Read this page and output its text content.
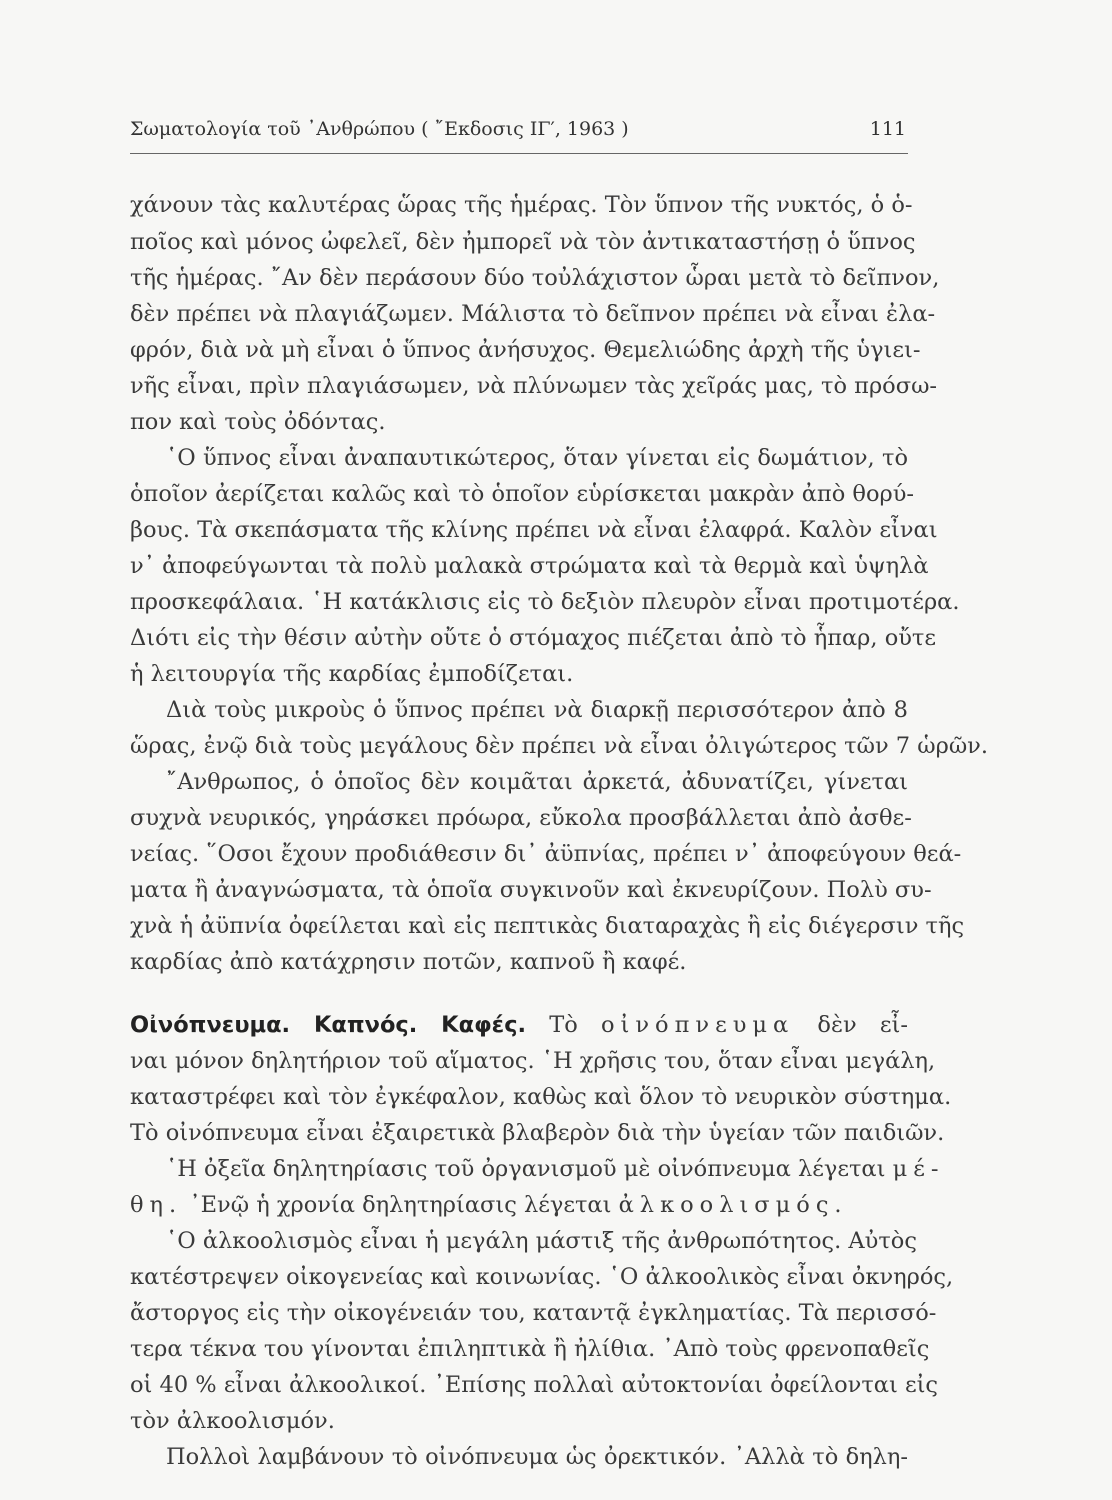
Σωματολογία τοῦ ᾽Ανθρώπου ( ῎Εκδοσις ΙΓ′, 1963 )	111
χάνουν τὰς καλυτέρας ὥρας τῆς ἡμέρας. Τὸν ὕπνον τῆς νυκτός, ὁ ὁ-
ποῖος καὶ μόνος ὠφελεῖ, δὲν ἠμπορεῖ νὰ τὸν ἀντικαταστήσῃ ὁ ὕπνος
τῆς ἡμέρας. ῎Αν δὲν περάσουν δύο τοὐλάχιστον ὧραι μετὰ τὸ δεῖπνον,
δὲν πρέπει νὰ πλαγιάζωμεν. Μάλιστα τὸ δεῖπνον πρέπει νὰ εἶναι ἐλα-
φρόν, διὰ νὰ μὴ εἶναι ὁ ὕπνος ἀνήσυχος. Θεμελιώδης ἀρχὴ τῆς ὑγιει-
νῆς εἶναι, πρὶν πλαγιάσωμεν, νὰ πλύνωμεν τὰς χεῖράς μας, τὸ πρόσω-
πον καὶ τοὺς ὀδόντας.
῾Ο ὕπνος εἶναι ἀναπαυτικώτερος, ὅταν γίνεται εἰς δωμάτιον, τὸ
ὁποῖον ἀερίζεται καλῶς καὶ τὸ ὁποῖον εὑρίσκεται μακρὰν ἀπὸ θορύ-
βους. Τὰ σκεπάσματα τῆς κλίνης πρέπει νὰ εἶναι ἐλαφρά. Καλὸν εἶναι
ν᾽ ἀποφεύγωνται τὰ πολὺ μαλακὰ στρώματα καὶ τὰ θερμὰ καὶ ὑψηλὰ
προσκεφάλαια. ῾Η κατάκλισις εἰς τὸ δεξιὸν πλευρὸν εἶναι προτιμοτέρα.
Διότι εἰς τὴν θέσιν αὐτὴν οὔτε ὁ στόμαχος πιέζεται ἀπὸ τὸ ἧπαρ, οὔτε
ἡ λειτουργία τῆς καρδίας ἐμποδίζεται.
Διὰ τοὺς μικροὺς ὁ ὕπνος πρέπει νὰ διαρκῇ περισσότερον ἀπὸ 8
ὥρας, ἐνῷ διὰ τοὺς μεγάλους δὲν πρέπει νὰ εἶναι ὀλιγώτερος τῶν 7 ὡρῶν.
῎Ανθρωπος, ὁ ὁποῖος δὲν κοιμᾶται ἀρκετά, ἀδυνατίζει, γίνεται
συχνὰ νευρικός, γηράσκει πρόωρα, εὔκολα προσβάλλεται ἀπὸ ἀσθε-
νείας. ῞Οσοι ἔχουν προδιάθεσιν δι᾽ ἀϋπνίας, πρέπει ν᾽ ἀποφεύγουν θεά-
ματα ἢ ἀναγνώσματα, τὰ ὁποῖα συγκινοῦν καὶ ἐκνευρίζουν. Πολὺ συ-
χνὰ ἡ ἀϋπνία ὀφείλεται καὶ εἰς πεπτικὰς διαταραχὰς ἢ εἰς διέγερσιν τῆς
καρδίας ἀπὸ κατάχρησιν ποτῶν, καπνοῦ ἢ καφέ.
Οἰνόπνευμα. Καπνός. Καφές. Τὸ οἰνόπνευμα δὲν εἶ-
ναι μόνον δηλητήριον τοῦ αἵματος. ῾Η χρῆσις του, ὅταν εἶναι μεγάλη,
καταστρέφει καὶ τὸν ἐγκέφαλον, καθὼς καὶ ὅλον τὸ νευρικὸν σύστημα.
Τὸ οἰνόπνευμα εἶναι ἐξαιρετικὰ βλαβερὸν διὰ τὴν ὑγείαν τῶν παιδιῶν.
῾Η ὀξεῖα δηλητηρίασις τοῦ ὀργανισμοῦ μὲ οἰνόπνευμα λέγεται μέ-
θη. ᾽Ενῷ ἡ χρονία δηλητηρίασις λέγεται ἀλκοολισμός.
῾Ο ἀλκοολισμὸς εἶναι ἡ μεγάλη μάστιξ τῆς ἀνθρωπότητος. Αὐτὸς
κατέστρεψεν οἰκογενείας καὶ κοινωνίας. ῾Ο ἀλκοολικὸς εἶναι ὀκνηρός,
ἄστοργος εἰς τὴν οἰκογένειάν του, καταντᾷ ἐγκληματίας. Τὰ περισσό-
τερα τέκνα του γίνονται ἐπιληπτικὰ ἢ ἠλίθια. ᾽Απὸ τοὺς φρενοπαθεῖς
οἱ 40 % εἶναι ἀλκοολικοί. ᾽Επίσης πολλαὶ αὐτοκτονίαι ὀφείλονται εἰς
τὸν ἀλκοολισμόν.
Πολλοὶ λαμβάνουν τὸ οἰνόπνευμα ὡς ὀρεκτικόν. ᾽Αλλὰ τὸ δηλη-
